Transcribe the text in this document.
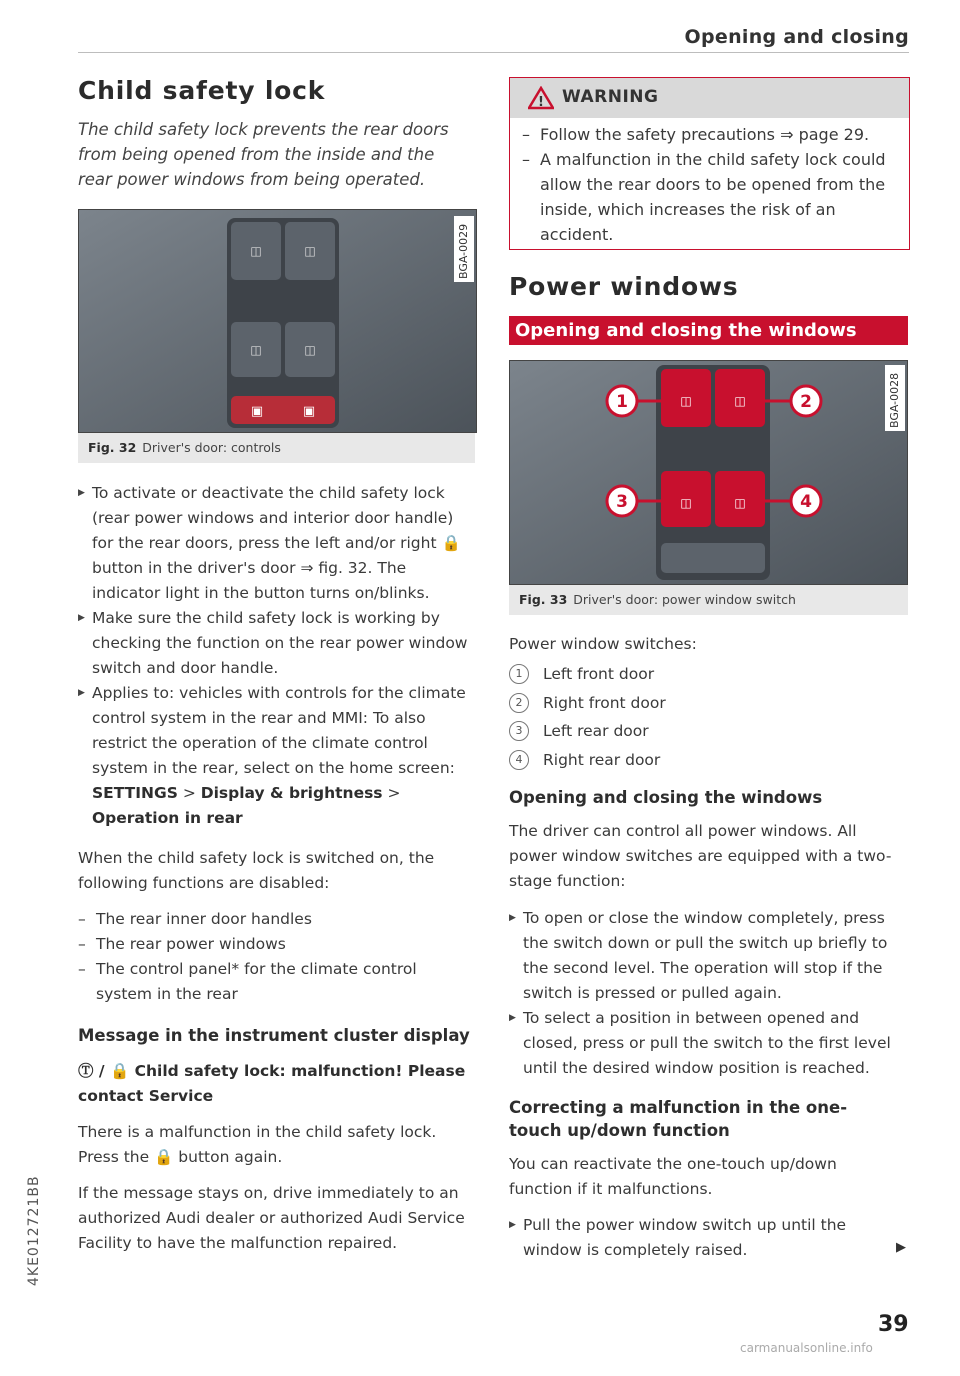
Opening and closing
4KE012721BB
Child safety lock
The child safety lock prevents the rear doors from being opened from the inside and the rear power windows from being operated.
◫	◫
◫	◫
▣	▣
BGA-0029
Fig. 32 Driver's door: controls
▶ To activate or deactivate the child safety lock (rear power windows and interior door handle) for the rear doors, press the left and/or right 🔒 button in the driver's door ⇒ fig. 32. The indicator light in the button turns on/blinks.
▶ Make sure the child safety lock is working by checking the function on the rear power window switch and door handle.
▶ Applies to: vehicles with controls for the climate control system in the rear and MMI: To also restrict the operation of the climate control system in the rear, select on the home screen: SETTINGS > Display & brightness > Operation in rear
When the child safety lock is switched on, the following functions are disabled:
– The rear inner door handles
– The rear power windows
– The control panel* for the climate control system in the rear
Message in the instrument cluster display
Ⓣ / 🔒 Child safety lock: malfunction! Please contact Service
There is a malfunction in the child safety lock. Press the 🔒 button again.
If the message stays on, drive immediately to an authorized Audi dealer or authorized Audi Service Facility to have the malfunction repaired.
! WARNING
– Follow the safety precautions ⇒ page 29.
– A malfunction in the child safety lock could allow the rear doors to be opened from the inside, which increases the risk of an accident.
Power windows
Opening and closing the windows
◫	◫
◫	◫
1	2
3	4
BGA-0028
Fig. 33 Driver's door: power window switch
Power window switches:
1 Left front door
2 Right front door
3 Left rear door
4 Right rear door
Opening and closing the windows
The driver can control all power windows. All power window switches are equipped with a two-stage function:
▶ To open or close the window completely, press the switch down or pull the switch up briefly to the second level. The operation will stop if the switch is pressed or pulled again.
▶ To select a position in between opened and closed, press or pull the switch to the first level until the desired window position is reached.
Correcting a malfunction in the one-touch up/down function
You can reactivate the one-touch up/down function if it malfunctions.
▶ Pull the power window switch up until the window is completely raised.	▶
39
carmanualsonline.info
